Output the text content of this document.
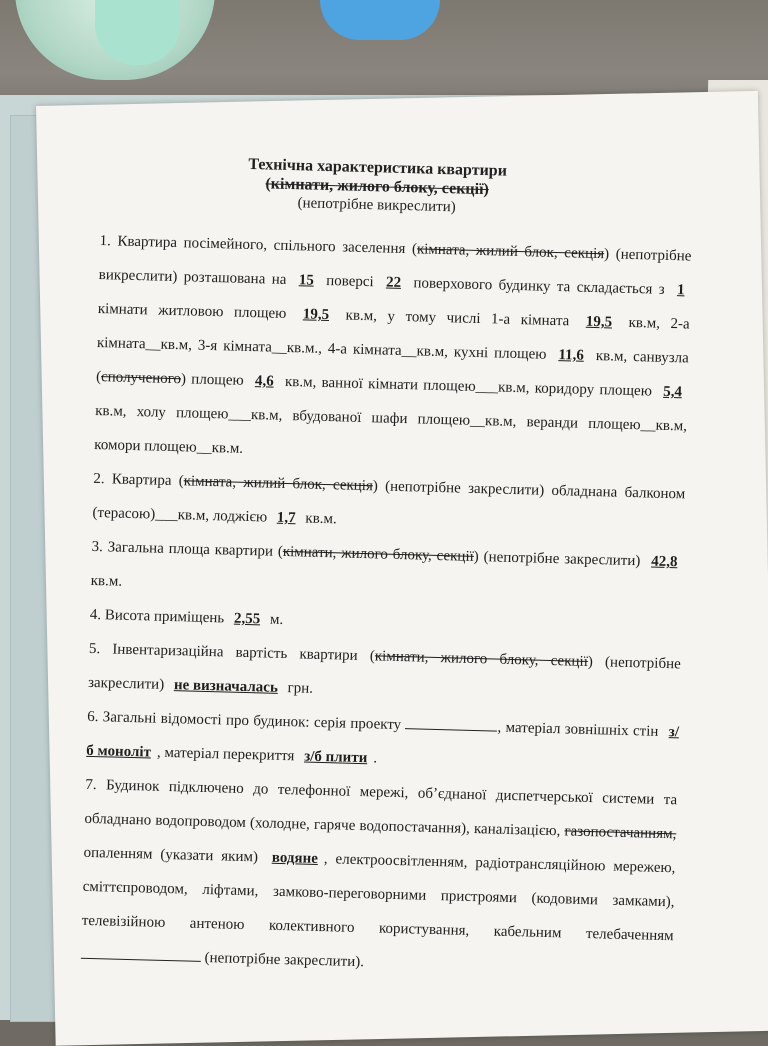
Технічна характеристика квартири
(кімнати, жилого блоку, секції)
(непотрібне викреслити)

1. Квартира посімейного, спільного заселення (кімната, жилий блок, секція) (непотрібне викреслити) розташована на 15 поверсі 22 поверхового будинку та складається з 1 кімнати житловою площею 19,5 кв.м, у тому числі 1-а кімната 19,5 кв.м, 2-а кімната__кв.м, 3-я кімната__кв.м., 4-а кімната__кв.м, кухні площею 11,6 кв.м, санвузла (сполученого) площею 4,6 кв.м, ванної кімнати площею___кв.м, коридору площею 5,4 кв.м, холу площею___кв.м, вбудованої шафи площею__кв.м, веранди площею__кв.м, комори площею__кв.м.

2. Квартира (кімната, жилий блок, секція) (непотрібне закреслити) обладнана балконом (терасою)___кв.м, лоджією 1,7 кв.м.

3. Загальна площа квартири (кімнати, жилого блоку, секції) (непотрібне закреслити) 42,8 кв.м.

4. Висота приміщень 2,55 м.

5. Інвентаризаційна вартість квартири (кімнати, жилого блоку, секції) (непотрібне закреслити) не визначалась грн.

6. Загальні відомості про будинок: серія проекту	, матеріал зовнішніх стін з/б моноліт , матеріал перекриття з/б плити .

7. Будинок підключено до телефонної мережі, об’єднаної диспетчерської системи та обладнано водопроводом (холодне, гаряче водопостачання), каналізацією, газопостачанням, опаленням (указати яким) водяне , електроосвітленням, радіотрансляційною мережею, сміттєпроводом, ліфтами, замково-переговорними пристроями (кодовими замками), телевізійною антеною колективного користування, кабельним телебаченням  (непотрібне закреслити).
